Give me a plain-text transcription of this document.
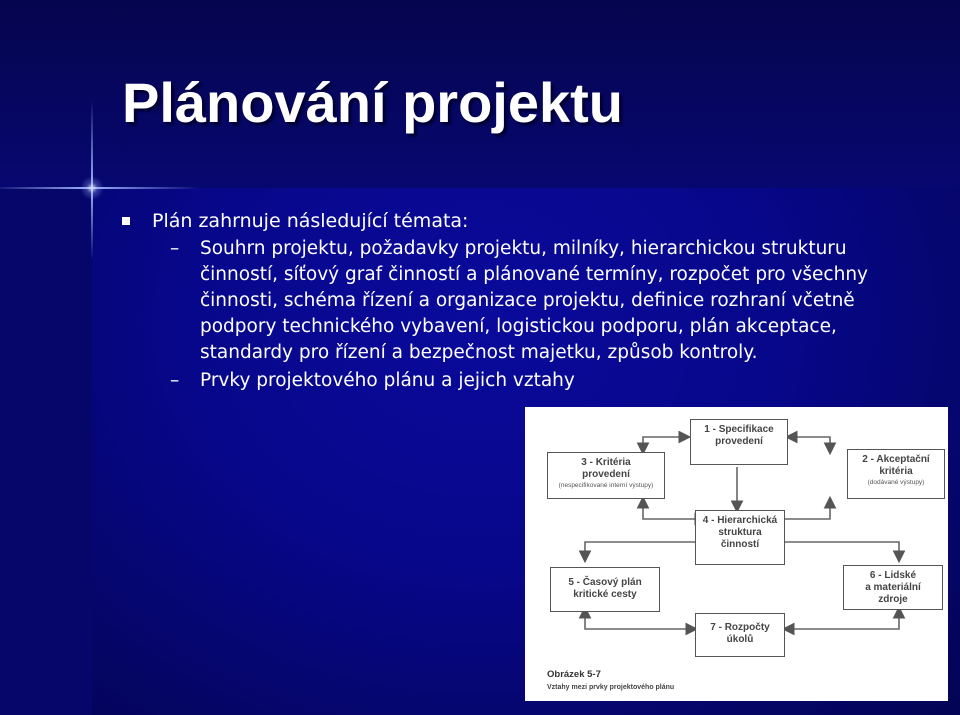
Plánování projektu
Plán zahrnuje následující témata:
–	Souhrn projektu, požadavky projektu, milníky, hierarchickou strukturu činností, síťový graf činností a plánované termíny, rozpočet pro všechny činnosti, schéma řízení a organizace projektu, definice rozhraní včetně podpory technického vybavení, logistickou podporu, plán akceptace, standardy pro řízení a bezpečnost majetku, způsob kontroly.
–	Prvky projektového plánu a jejich vztahy
1 - Specifikace
provedení
2 - Akceptační
kritéria
(dodávané výstupy)
3 - Kritéria
provedení
(nespecifikované interní výstupy)
4 - Hierarchická
struktura
činností
5 - Časový plán
kritické cesty
6 - Lidské
a materiální
zdroje
7 - Rozpočty
úkolů
Obrázek 5-7
Vztahy mezi prvky projektového plánu
